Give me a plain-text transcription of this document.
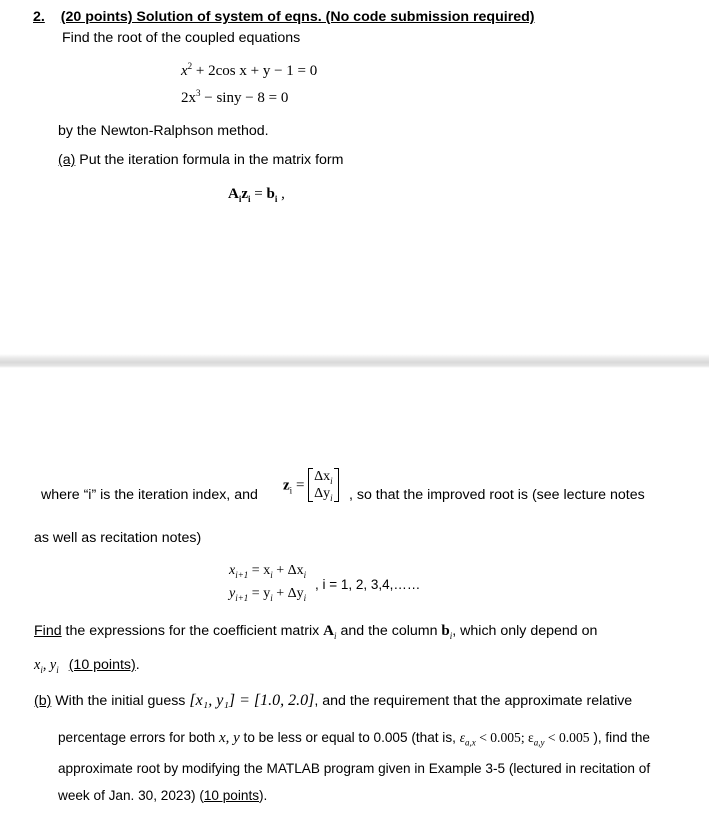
2. (20 points) Solution of system of eqns. (No code submission required)
Find the root of the coupled equations
$x^2 + 2\cos$ x + y − 1 = 0
$2x^3 - \sin y - 8 = 0$
by the Newton-Ralphson method.
(a) Put the iteration formula in the matrix form
$A_iz_i = b_i$ ,
where “i” is the iteration index, and
$z_i$ =
$\Delta x_i$
$\Delta y_i$ , so that the improved root is (see lecture notes
as well as recitation notes)
$x_{i+1} = x_i + \Delta x_i$
$y_{i+1} = y_i + \Delta y_i$
, i = 1, 2, 3,4,……
Find the expressions for the coefficient matrix $A_i$ and the column $b_i$, which only depend on
$x_i$, $y_i$ (10 points).
(b) With the initial guess [x₁, y₁] = [1.0, 2.0], and the requirement that the approximate relative
percentage errors for both x, y to be less or equal to 0.005 (that is, $\varepsilon_{a,x} < 0.005$; $\varepsilon_{a,y} < 0.005$ ), find the
approximate root by modifying the MATLAB program given in Example 3-5 (lectured in recitation of
week of Jan. 30, 2023) (10 points).
